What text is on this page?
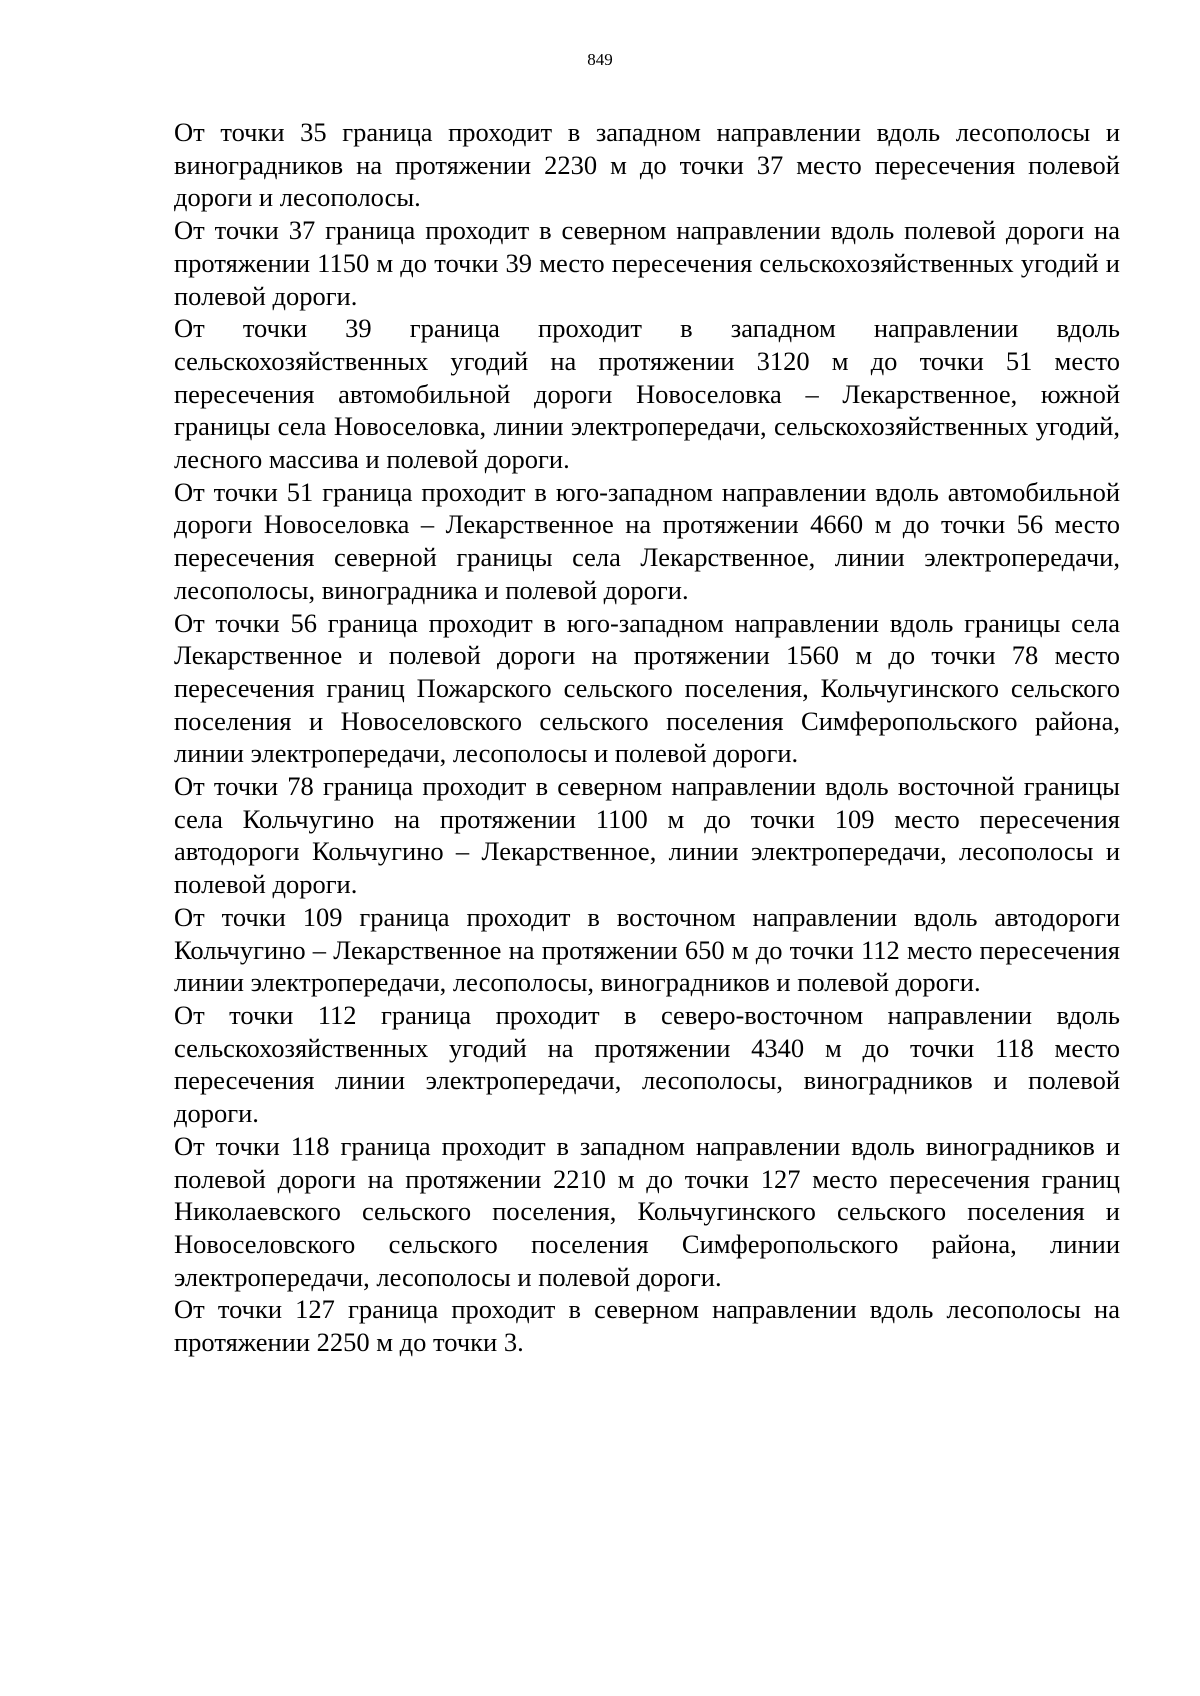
849

От точки 35 граница проходит в западном направлении вдоль лесополосы и виноградников на протяжении 2230 м до точки 37 место пересечения полевой дороги и лесополосы.

От точки 37 граница проходит в северном направлении вдоль полевой дороги на протяжении 1150 м до точки 39 место пересечения сельскохозяйственных угодий и полевой дороги.

От точки 39 граница проходит в западном направлении вдоль сельскохозяйственных угодий на протяжении 3120 м до точки 51 место пересечения автомобильной дороги Новоселовка – Лекарственное, южной границы села Новоселовка, линии электропередачи, сельскохозяйственных угодий, лесного массива и полевой дороги.

От точки 51 граница проходит в юго-западном направлении вдоль автомобильной дороги Новоселовка – Лекарственное на протяжении 4660 м до точки 56 место пересечения северной границы села Лекарственное, линии электропередачи, лесополосы, виноградника и полевой дороги.

От точки 56 граница проходит в юго-западном направлении вдоль границы села Лекарственное и полевой дороги на протяжении 1560 м до точки 78 место пересечения границ Пожарского сельского поселения, Кольчугинского сельского поселения и Новоселовского сельского поселения Симферопольского района, линии электропередачи, лесополосы и полевой дороги.

От точки 78 граница проходит в северном направлении вдоль восточной границы села Кольчугино на протяжении 1100 м до точки 109 место пересечения автодороги Кольчугино – Лекарственное, линии электропередачи, лесополосы и полевой дороги.

От точки 109 граница проходит в восточном направлении вдоль автодороги Кольчугино – Лекарственное на протяжении 650 м до точки 112 место пересечения линии электропередачи, лесополосы, виноградников и полевой дороги.

От точки 112 граница проходит в северо-восточном направлении вдоль сельскохозяйственных угодий на протяжении 4340 м до точки 118 место пересечения линии электропередачи, лесополосы, виноградников и полевой дороги.

От точки 118 граница проходит в западном направлении вдоль виноградников и полевой дороги на протяжении 2210 м до точки 127 место пересечения границ Николаевского сельского поселения, Кольчугинского сельского поселения и Новоселовского сельского поселения Симферопольского района, линии электропередачи, лесополосы и полевой дороги.

От точки 127 граница проходит в северном направлении вдоль лесополосы на протяжении 2250 м до точки 3.
